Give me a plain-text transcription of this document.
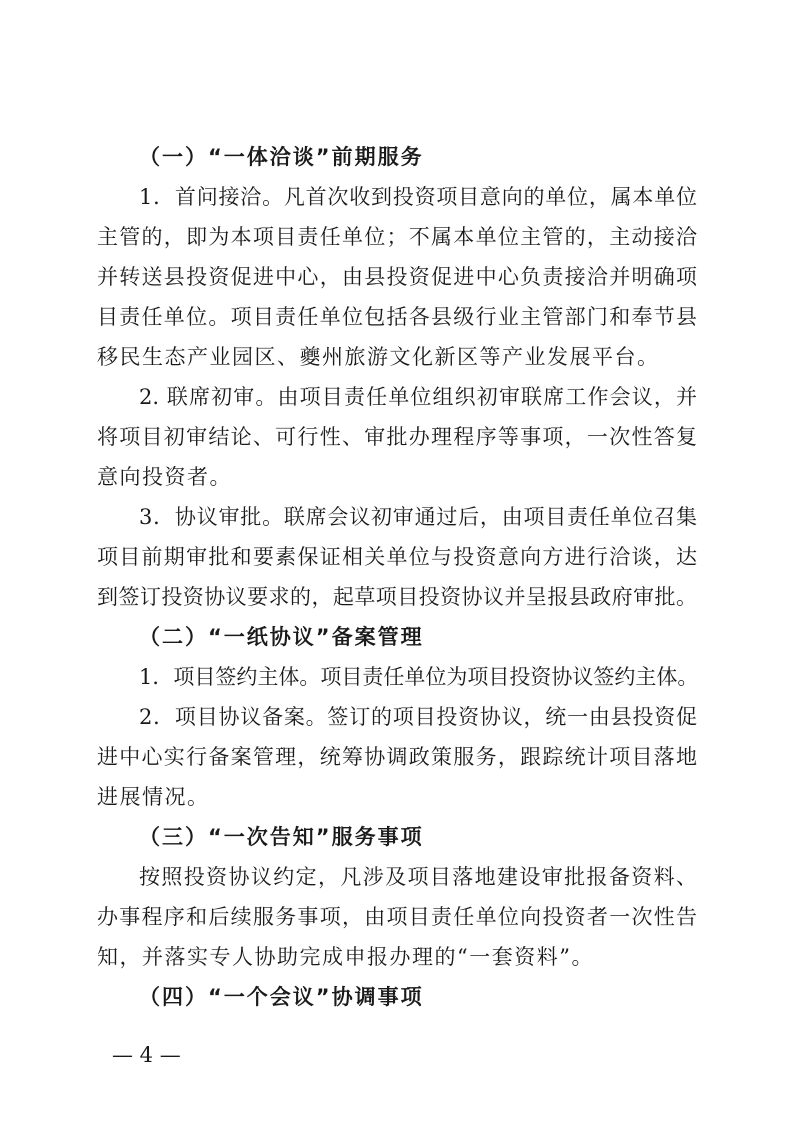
（一）“一体洽谈”前期服务
1．首问接洽。凡首次收到投资项目意向的单位，属本单位
主管的，即为本项目责任单位；不属本单位主管的，主动接洽
并转送县投资促进中心，由县投资促进中心负责接洽并明确项
目责任单位。项目责任单位包括各县级行业主管部门和奉节县
移民生态产业园区、夔州旅游文化新区等产业发展平台。
2. 联席初审。由项目责任单位组织初审联席工作会议，并
将项目初审结论、可行性、审批办理程序等事项，一次性答复
意向投资者。
3．协议审批。联席会议初审通过后，由项目责任单位召集
项目前期审批和要素保证相关单位与投资意向方进行洽谈，达
到签订投资协议要求的，起草项目投资协议并呈报县政府审批。
（二）“一纸协议”备案管理
1．项目签约主体。项目责任单位为项目投资协议签约主体。
2．项目协议备案。签订的项目投资协议，统一由县投资促
进中心实行备案管理，统筹协调政策服务，跟踪统计项目落地
进展情况。
（三）“一次告知”服务事项
按照投资协议约定，凡涉及项目落地建设审批报备资料、
办事程序和后续服务事项，由项目责任单位向投资者一次性告
知，并落实专人协助完成申报办理的“一套资料”。
（四）“一个会议”协调事项
— 4 —
